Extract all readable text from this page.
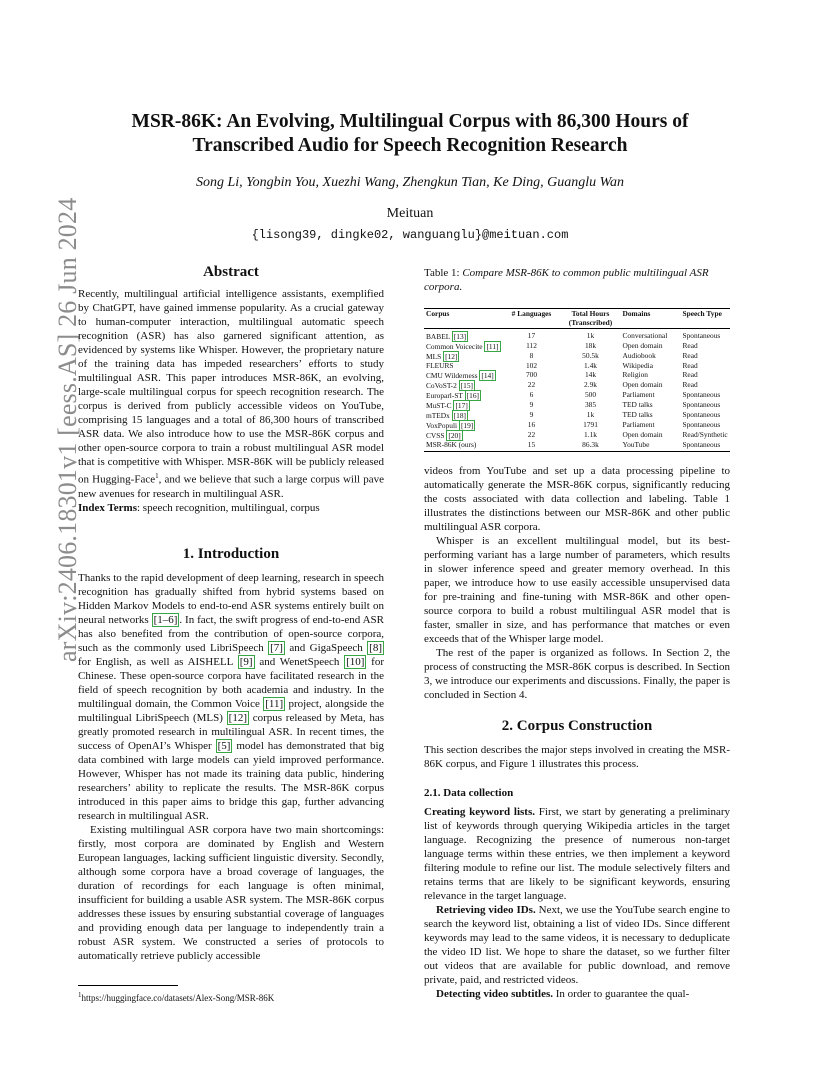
arXiv:2406.18301v1 [eess.AS] 26 Jun 2024
MSR-86K: An Evolving, Multilingual Corpus with 86,300 Hours of
Transcribed Audio for Speech Recognition Research
Song Li, Yongbin You, Xuezhi Wang, Zhengkun Tian, Ke Ding, Guanglu Wan
Meituan
{lisong39, dingke02, wanguanglu}@meituan.com
Abstract

Recently, multilingual artificial intelligence assistants, exemplified by ChatGPT, have gained immense popularity. As a crucial gateway to human-computer interaction, multilingual automatic speech recognition (ASR) has also garnered significant attention, as evidenced by systems like Whisper. However, the proprietary nature of the training data has impeded researchers’ efforts to study multilingual ASR. This paper introduces MSR-86K, an evolving, large-scale multilingual corpus for speech recognition research. The corpus is derived from publicly accessible videos on YouTube, comprising 15 languages and a total of 86,300 hours of transcribed ASR data. We also introduce how to use the MSR-86K corpus and other open-source corpora to train a robust multilingual ASR model that is competitive with Whisper. MSR-86K will be publicly released on Hugging-Face$^1$, and we believe that such a large corpus will pave new avenues for research in multilingual ASR.

Index Terms: speech recognition, multilingual, corpus

1. Introduction

Thanks to the rapid development of deep learning, research in speech recognition has gradually shifted from hybrid systems based on Hidden Markov Models to end-to-end ASR systems entirely built on neural networks [1–6] . In fact, the swift progress of end-to-end ASR has also benefited from the contribution of open-source corpora, such as the commonly used LibriSpeech [7] and GigaSpeech [8] for English, as well as AISHELL [9] and WenetSpeech [10] for Chinese. These open-source corpora have facilitated research in the field of speech recognition by both academia and industry. In the multilingual domain, the Common Voice [11] project, alongside the multilingual LibriSpeech (MLS) [12] corpus released by Meta, has greatly promoted research in multilingual ASR. In recent times, the success of OpenAI’s Whisper [5] model has demonstrated that big data combined with large models can yield improved performance. However, Whisper has not made its training data public, hindering researchers’ ability to replicate the results. The MSR-86K corpus introduced in this paper aims to bridge this gap, further advancing research in multilingual ASR.

Existing multilingual ASR corpora have two main shortcomings: firstly, most corpora are dominated by English and Western European languages, lacking sufficient linguistic diversity. Secondly, although some corpora have a broad coverage of languages, the duration of recordings for each language is often minimal, insufficient for building a usable ASR system. The MSR-86K corpus addresses these issues by ensuring substantial coverage of languages and providing enough data per language to independently train a robust ASR system. We constructed a series of protocols to automatically retrieve publicly accessible

$^1$https://huggingface.co/datasets/Alex-Song/MSR-86K
Table 1: Compare MSR-86K to common public multilingual ASR corpora.
Corpus	# Languages	Total Hours (Transcribed)	Domains	Speech Type
BABEL [13]	17	1k	Conversational	Spontaneous
Common Voicecite [11]	112	18k	Open domain	Read
MLS [12]	8	50.5k	Audiobook	Read
FLEURS	102	1.4k	Wikipedia	Read
CMU Wilderness [14]	700	14k	Religion	Read
CoVoST-2 [15]	22	2.9k	Open domain	Read
Europarl-ST [16]	6	500	Parliament	Spontaneous
MuST-C [17]	9	385	TED talks	Spontaneous
mTEDx [18]	9	1k	TED talks	Spontaneous
VoxPopuli [19]	16	1791	Parliament	Spontaneous
CVSS [20]	22	1.1k	Open domain	Read/Synthetic
MSR-86K (ours)	15	86.3k	YouTube	Spontaneous

videos from YouTube and set up a data processing pipeline to automatically generate the MSR-86K corpus, significantly reducing the costs associated with data collection and labeling. Table 1 illustrates the distinctions between our MSR-86K and other public multilingual ASR corpora.

Whisper is an excellent multilingual model, but its best-performing variant has a large number of parameters, which results in slower inference speed and greater memory overhead. In this paper, we introduce how to use easily accessible unsupervised data for pre-training and fine-tuning with MSR-86K and other open-source corpora to build a robust multilingual ASR model that is faster, smaller in size, and has performance that matches or even exceeds that of the Whisper large model.

The rest of the paper is organized as follows. In Section 2, the process of constructing the MSR-86K corpus is described. In Section 3, we introduce our experiments and discussions. Finally, the paper is concluded in Section 4.

2. Corpus Construction

This section describes the major steps involved in creating the MSR-86K corpus, and Figure 1 illustrates this process.

2.1. Data collection

Creating keyword lists. First, we start by generating a preliminary list of keywords through querying Wikipedia articles in the target language. Recognizing the presence of numerous non-target language terms within these entries, we then implement a keyword filtering module to refine our list. The module selectively filters and retains terms that are likely to be significant keywords, ensuring relevance in the target language.

Retrieving video IDs. Next, we use the YouTube search engine to search the keyword list, obtaining a list of video IDs. Since different keywords may lead to the same videos, it is necessary to deduplicate the video ID list. We hope to share the dataset, so we further filter out videos that are available for public download, and remove private, paid, and restricted videos.

Detecting video subtitles. In order to guarantee the qual-
